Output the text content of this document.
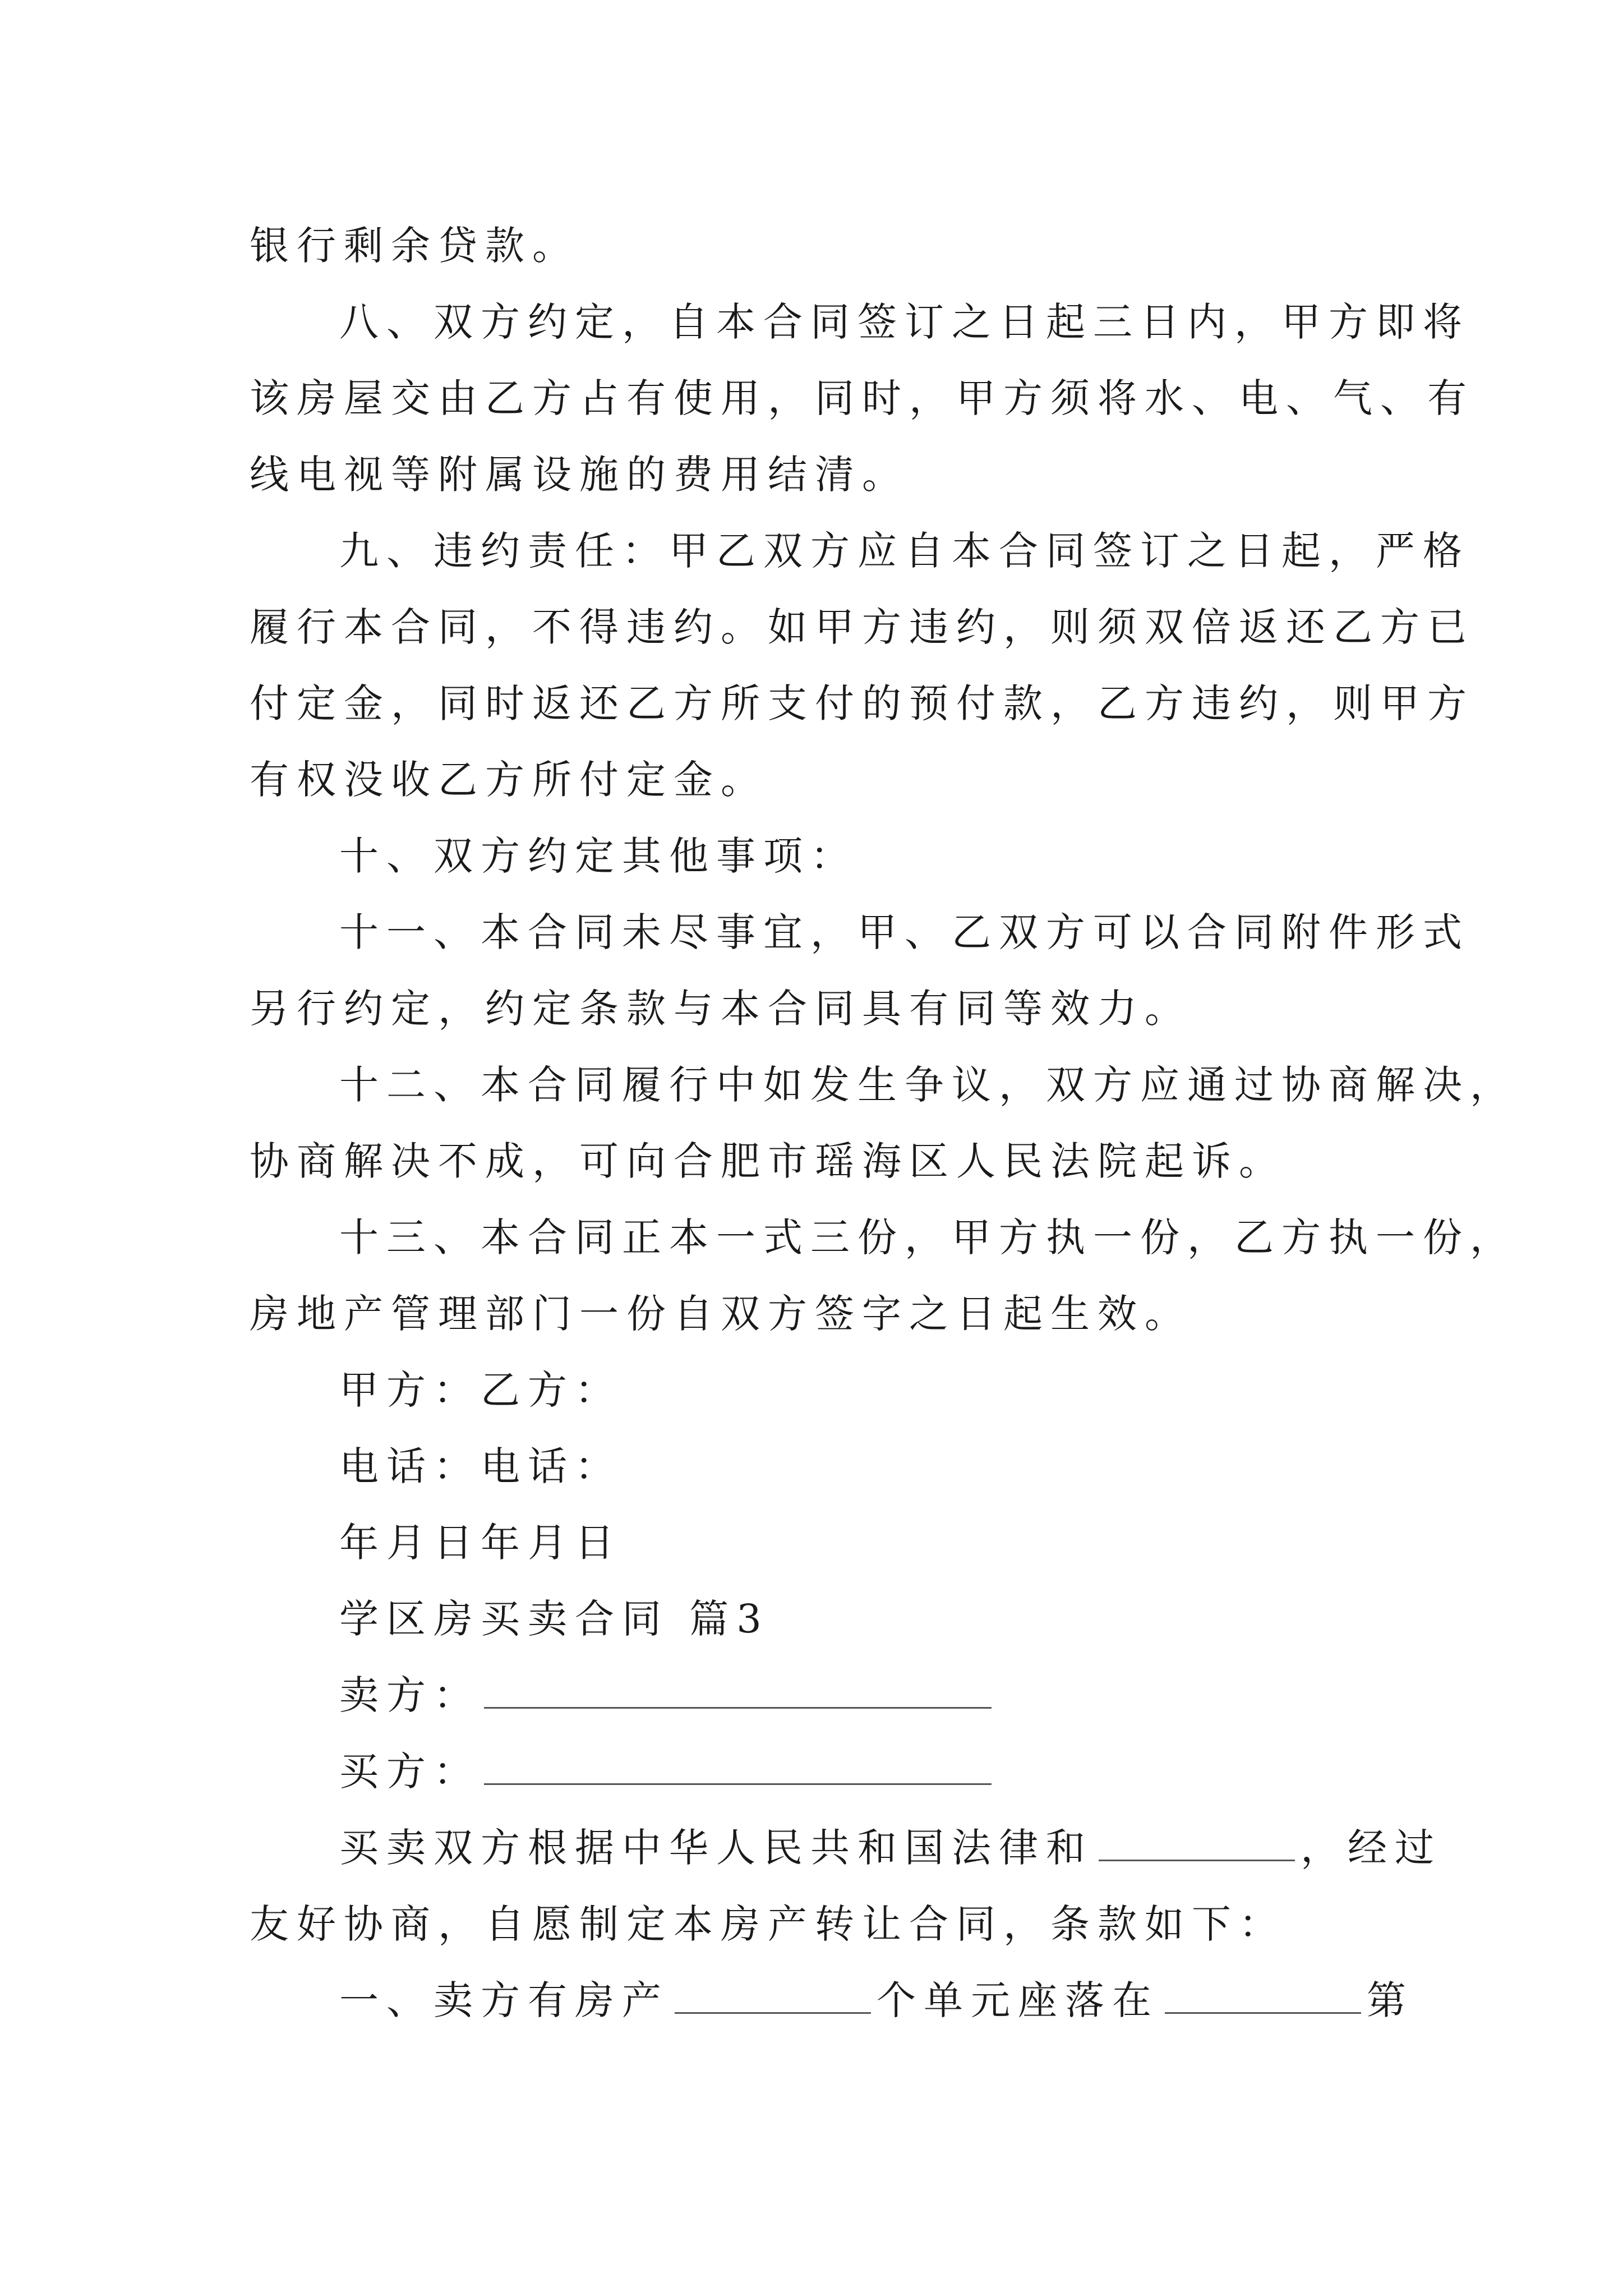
银行剩余贷款。
八、双方约定，自本合同签订之日起三日内，甲方即将
该房屋交由乙方占有使用，同时，甲方须将水、电、气、有
线电视等附属设施的费用结清。
九、违约责任：甲乙双方应自本合同签订之日起，严格
履行本合同，不得违约。如甲方违约，则须双倍返还乙方已
付定金，同时返还乙方所支付的预付款，乙方违约，则甲方
有权没收乙方所付定金。
十、双方约定其他事项：
十一、本合同未尽事宜，甲、乙双方可以合同附件形式
另行约定，约定条款与本合同具有同等效力。
十二、本合同履行中如发生争议，双方应通过协商解决，
协商解决不成，可向合肥市瑶海区人民法院起诉。
十三、本合同正本一式三份，甲方执一份，乙方执一份，
房地产管理部门一份自双方签字之日起生效。
甲方：乙方：
电话：电话：
年月日年月日
学区房买卖合同 篇3
卖方：
买方：
买卖双方根据中华人民共和国法律和	，经过
友好协商，自愿制定本房产转让合同，条款如下：
一、卖方有房产	个单元座落在	第
